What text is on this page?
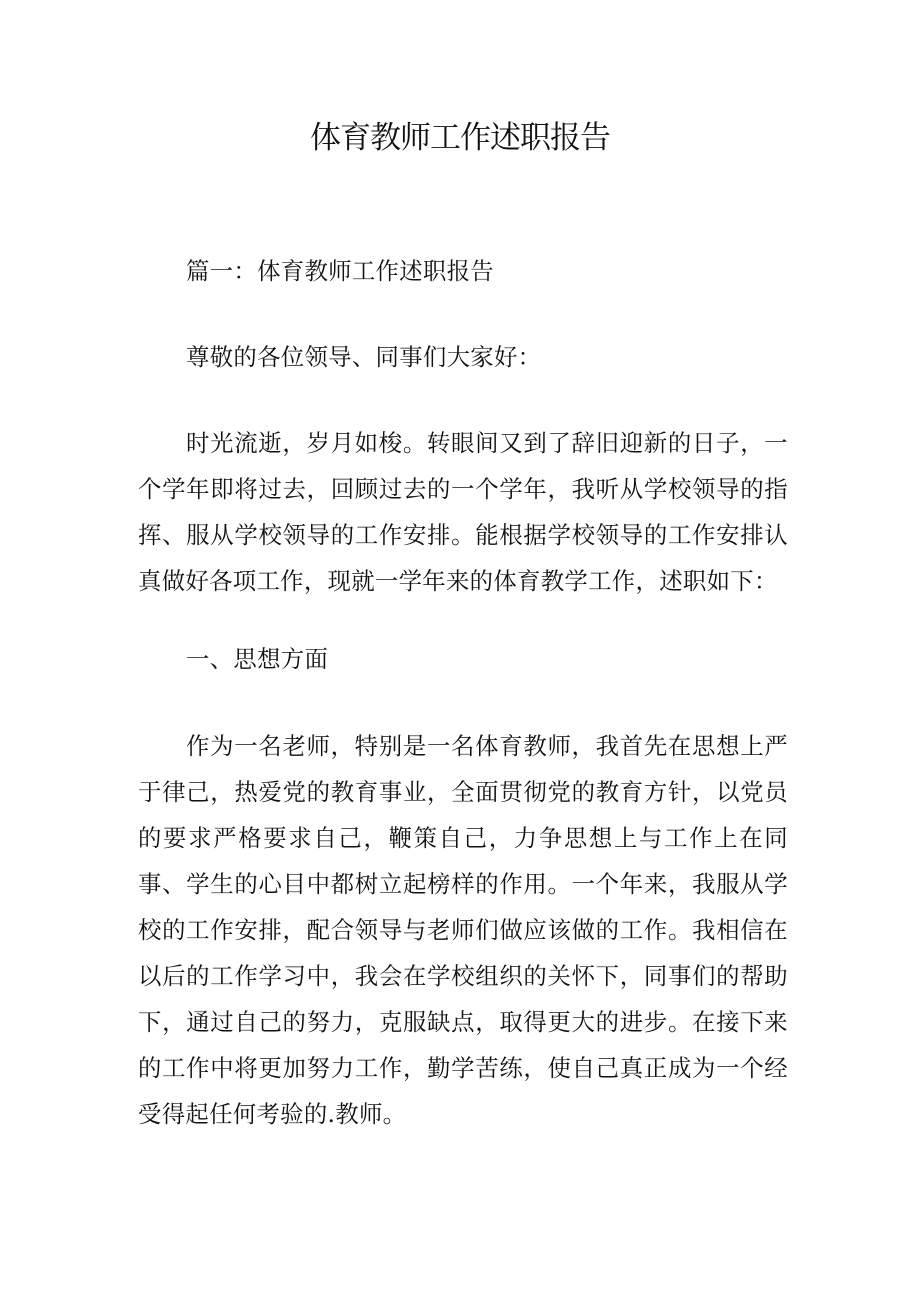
体育教师工作述职报告

篇一：体育教师工作述职报告

尊敬的各位领导、同事们大家好：

时光流逝，岁月如梭。转眼间又到了辞旧迎新的日子，一个学年即将过去，回顾过去的一个学年，我听从学校领导的指挥、服从学校领导的工作安排。能根据学校领导的工作安排认真做好各项工作，现就一学年来的体育教学工作，述职如下：

一、思想方面

作为一名老师，特别是一名体育教师，我首先在思想上严于律己，热爱党的教育事业，全面贯彻党的教育方针，以党员的要求严格要求自己，鞭策自己，力争思想上与工作上在同事、学生的心目中都树立起榜样的作用。一个年来，我服从学校的工作安排，配合领导与老师们做应该做的工作。我相信在以后的工作学习中，我会在学校组织的关怀下，同事们的帮助下，通过自己的努力，克服缺点，取得更大的进步。在接下来的工作中将更加努力工作，勤学苦练，使自己真正成为一个经受得起任何考验的.教师。
